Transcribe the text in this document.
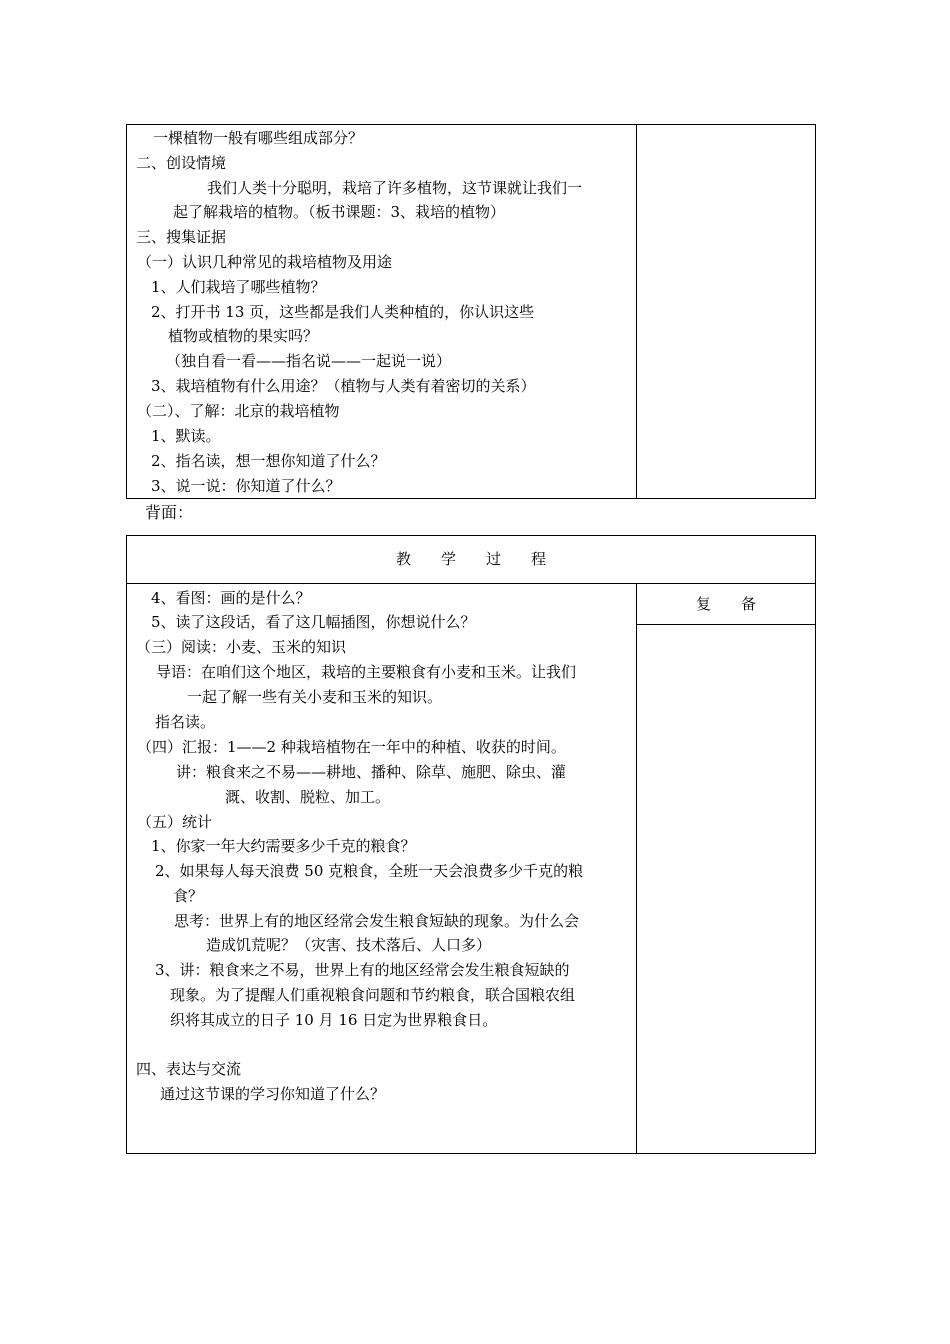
一棵植物一般有哪些组成部分？
二、创设情境
我们人类十分聪明，栽培了许多植物，这节课就让我们一
起了解栽培的植物。（板书课题：3、栽培的植物）
三、搜集证据
（一）认识几种常见的栽培植物及用途
1、人们栽培了哪些植物？
2、打开书 13 页，这些都是我们人类种植的，你认识这些
植物或植物的果实吗？
（独自看一看——指名说——一起说一说）
3、栽培植物有什么用途？（植物与人类有着密切的关系）
（二）、了解：北京的栽培植物
1、默读。
2、指名读，想一想你知道了什么？
3、说一说：你知道了什么？
背面：
教　　学　　过　　程
复　　备
4、看图：画的是什么？
5、读了这段话，看了这几幅插图，你想说什么？
（三）阅读：小麦、玉米的知识
导语：在咱们这个地区，栽培的主要粮食有小麦和玉米。让我们
一起了解一些有关小麦和玉米的知识。
指名读。
（四）汇报：1——2 种栽培植物在一年中的种植、收获的时间。
讲：粮食来之不易——耕地、播种、除草、施肥、除虫、灌
溉、收割、脱粒、加工。
（五）统计
1、你家一年大约需要多少千克的粮食？
2、如果每人每天浪费 50 克粮食，全班一天会浪费多少千克的粮
食？
思考：世界上有的地区经常会发生粮食短缺的现象。为什么会
造成饥荒呢？（灾害、技术落后、人口多）
3、讲：粮食来之不易，世界上有的地区经常会发生粮食短缺的
现象。为了提醒人们重视粮食问题和节约粮食，联合国粮农组
织将其成立的日子 10 月 16 日定为世界粮食日。
四、表达与交流
通过这节课的学习你知道了什么？
